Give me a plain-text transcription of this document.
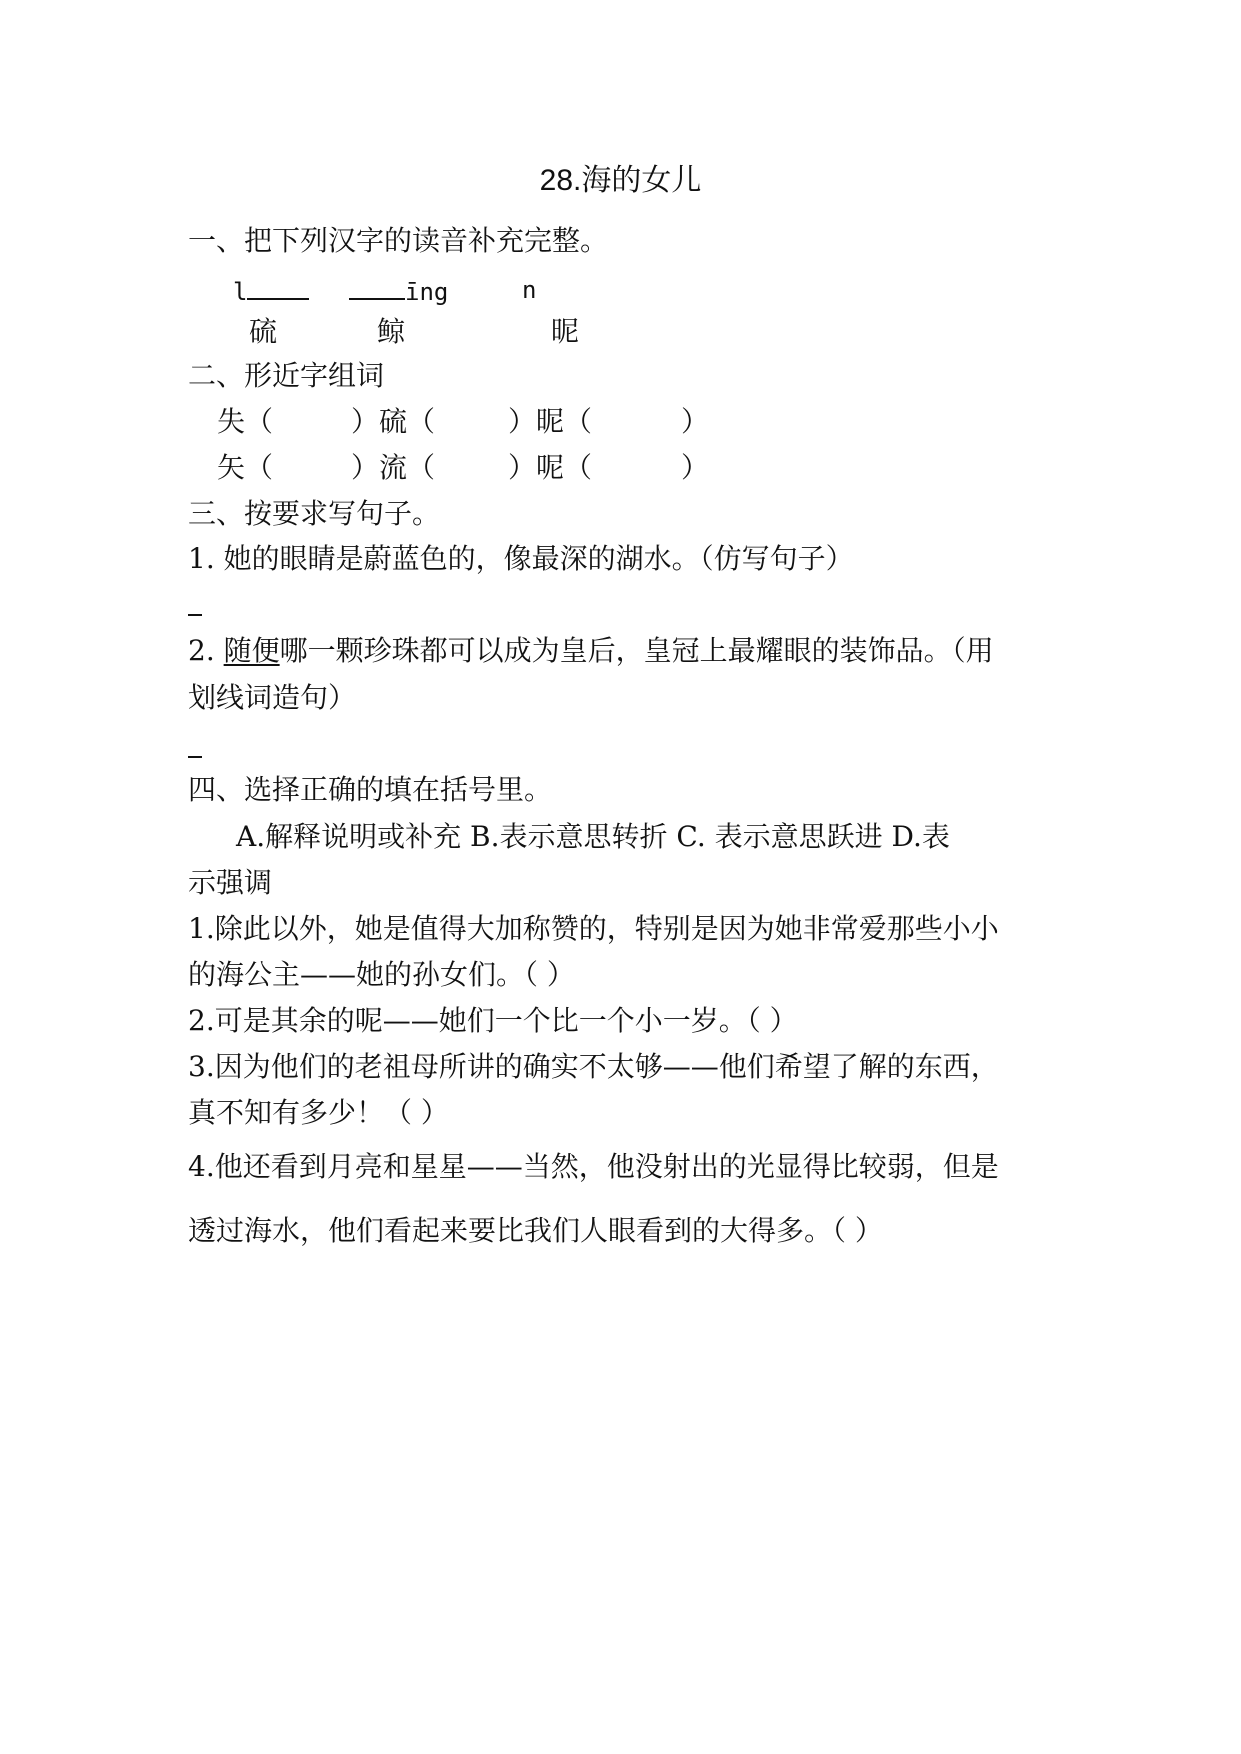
28.海的女儿
一、把下列汉字的读音补充完整。
l	īng	n
硫	鲸	昵
二、形近字组词
失（	）硫（	）昵（	）
矢（	）流（	）呢（	）
三、按要求写句子。
1. 她的眼睛是蔚蓝色的，像最深的湖水。（仿写句子）
2. 随便哪一颗珍珠都可以成为皇后，皇冠上最耀眼的装饰品。（用
划线词造句）
四、选择正确的填在括号里。
A.解释说明或补充 B.表示意思转折 C. 表示意思跃进 D.表
示强调
1.除此以外，她是值得大加称赞的，特别是因为她非常爱那些小小
的海公主——她的孙女们。（ ）
2.可是其余的呢——她们一个比一个小一岁。（ ）
3.因为他们的老祖母所讲的确实不太够——他们希望了解的东西，
真不知有多少！（ ）
4.他还看到月亮和星星——当然，他没射出的光显得比较弱，但是
透过海水，他们看起来要比我们人眼看到的大得多。（ ）
